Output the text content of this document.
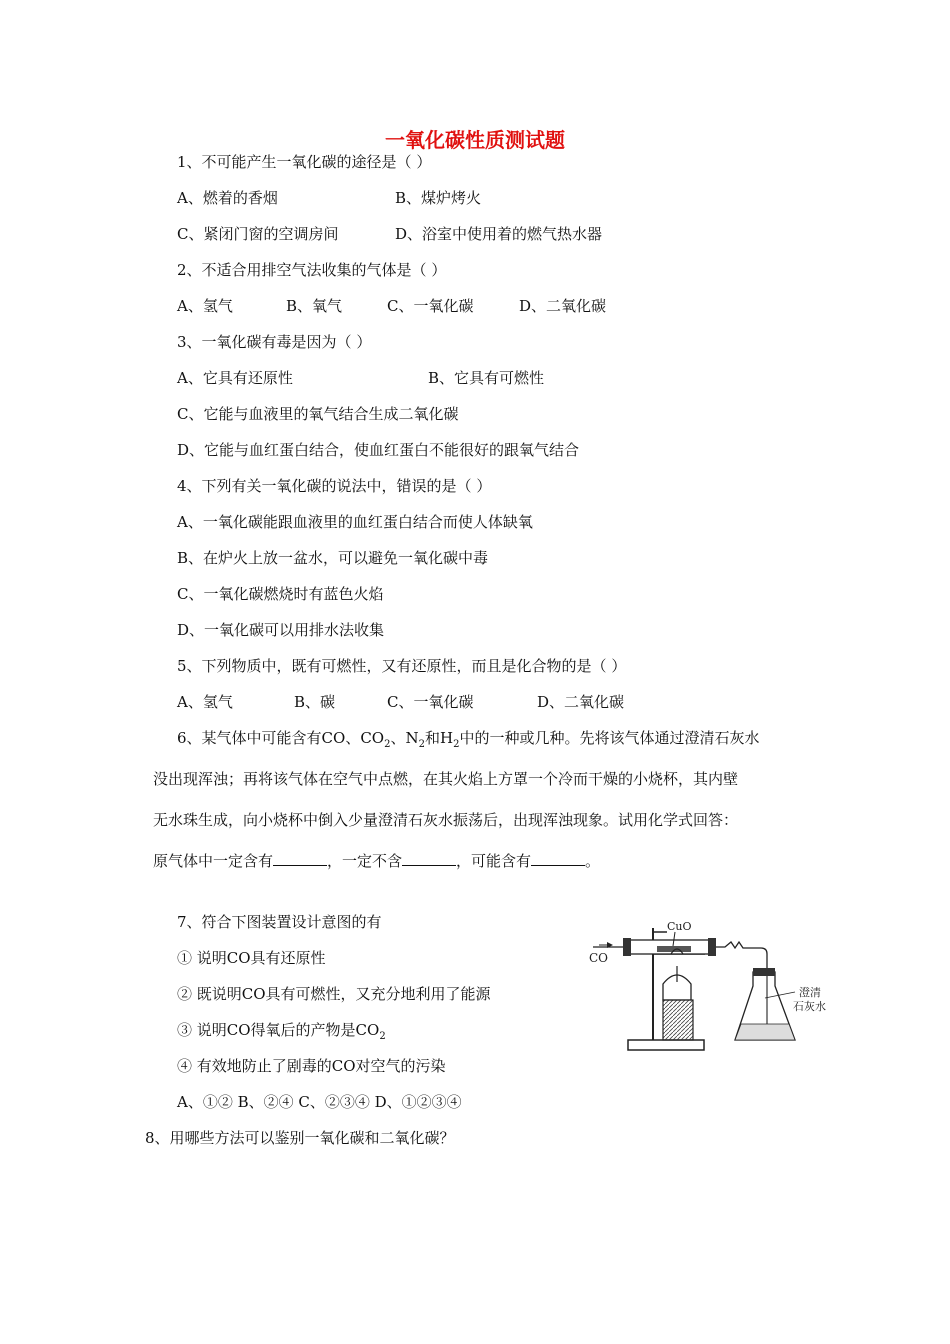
一氧化碳性质测试题
1、不可能产生一氧化碳的途径是（ ）
A、燃着的香烟	B、煤炉烤火
C、紧闭门窗的空调房间	D、浴室中使用着的燃气热水器
2、不适合用排空气法收集的气体是（ ）
A、氢气	B、氧气	C、一氧化碳	D、二氧化碳
3、一氧化碳有毒是因为（ ）
A、它具有还原性	B、它具有可燃性
C、它能与血液里的氧气结合生成二氧化碳
D、它能与血红蛋白结合，使血红蛋白不能很好的跟氧气结合
4、下列有关一氧化碳的说法中，错误的是（ ）
A、一氧化碳能跟血液里的血红蛋白结合而使人体缺氧
B、在炉火上放一盆水，可以避免一氧化碳中毒
C、一氧化碳燃烧时有蓝色火焰
D、一氧化碳可以用排水法收集
5、下列物质中，既有可燃性，又有还原性，而且是化合物的是（ ）
A、氢气	B、碳	C、一氧化碳	D、二氧化碳
6、某气体中可能含有CO、$CO_2$、$N_2$和$H_2$中的一种或几种。先将该气体通过澄清石灰水
没出现浑浊；再将该气体在空气中点燃，在其火焰上方罩一个冷而干燥的小烧杯，其内壁
无水珠生成，向小烧杯中倒入少量澄清石灰水振荡后，出现浑浊现象。试用化学式回答：
原气体中一定含有	，一定不含	，可能含有	。
7、符合下图装置设计意图的有
① 说明CO具有还原性
② 既说明CO具有可燃性，又充分地利用了能源
③ 说明CO得氧后的产物是$CO_2$
④ 有效地防止了剧毒的CO对空气的污染
A、①② B、②④ C、②③④ D、①②③④
8、用哪些方法可以鉴别一氧化碳和二氧化碳？
CuO
CO
澄清
石灰水
